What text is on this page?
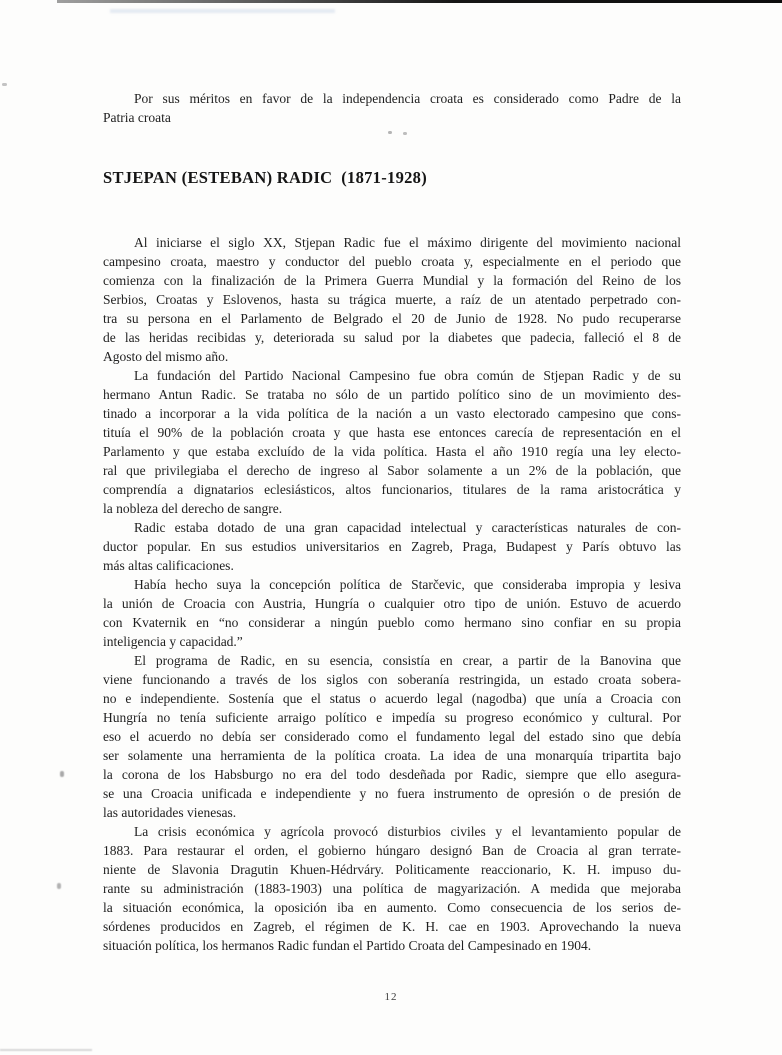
Por sus méritos en favor de la independencia croata es considerado como Padre de la
Patria croata
STJEPAN (ESTEBAN) RADIC  (1871-1928)

Al iniciarse el siglo XX, Stjepan Radic fue el máximo dirigente del movimiento nacional
campesino croata, maestro y conductor del pueblo croata y, especialmente en el periodo que
comienza con la finalización de la Primera Guerra Mundial y la formación del Reino de los
Serbios, Croatas y Eslovenos, hasta su trágica muerte, a raíz de un atentado perpetrado con-
tra su persona en el Parlamento de Belgrado el 20 de Junio de 1928. No pudo recuperarse
de las heridas recibidas y, deteriorada su salud por la diabetes que padecia, falleció el 8 de
Agosto del mismo año.

La fundación del Partido Nacional Campesino fue obra común de Stjepan Radic y de su
hermano Antun Radic. Se trataba no sólo de un partido político sino de un movimiento des-
tinado a incorporar a la vida política de la nación a un vasto electorado campesino que cons-
tituía el 90% de la población croata y que hasta ese entonces carecía de representación en el
Parlamento y que estaba excluído de la vida política. Hasta el año 1910 regía una ley electo-
ral que privilegiaba el derecho de ingreso al Sabor solamente a un 2% de la población, que
comprendía a dignatarios eclesiásticos, altos funcionarios, titulares de la rama aristocrática y
la nobleza del derecho de sangre.

Radic estaba dotado de una gran capacidad intelectual y características naturales de con-
ductor popular. En sus estudios universitarios en Zagreb, Praga, Budapest y París obtuvo las
más altas calificaciones.

Había hecho suya la concepción política de Starčevic, que consideraba impropia y lesiva
la unión de Croacia con Austria, Hungría o cualquier otro tipo de unión. Estuvo de acuerdo
con Kvaternik en “no considerar a ningún pueblo como hermano sino confiar en su propia
inteligencia y capacidad.”

El programa de Radic, en su esencia, consistía en crear, a partir de la Banovina que
viene funcionando a través de los siglos con soberanía restringida, un estado croata sobera-
no e independiente. Sostenía que el status o acuerdo legal (nagodba) que unía a Croacia con
Hungría no tenía suficiente arraigo político e impedía su progreso económico y cultural. Por
eso el acuerdo no debía ser considerado como el fundamento legal del estado sino que debía
ser solamente una herramienta de la política croata. La idea de una monarquía tripartita bajo
la corona de los Habsburgo no era del todo desdeñada por Radic, siempre que ello asegura-
se una Croacia unificada e independiente y no fuera instrumento de opresión o de presión de
las autoridades vienesas.

La crisis económica y agrícola provocó disturbios civiles y el levantamiento popular de
1883. Para restaurar el orden, el gobierno húngaro designó Ban de Croacia al gran terrate-
niente de Slavonia Dragutin Khuen-Hédrváry. Politicamente reaccionario, K. H. impuso du-
rante su administración (1883-1903) una política de magyarización. A medida que mejoraba
la situación económica, la oposición iba en aumento. Como consecuencia de los serios de-
sórdenes producidos en Zagreb, el régimen de K. H. cae en 1903. Aprovechando la nueva
situación política, los hermanos Radic fundan el Partido Croata del Campesinado en 1904.

12
